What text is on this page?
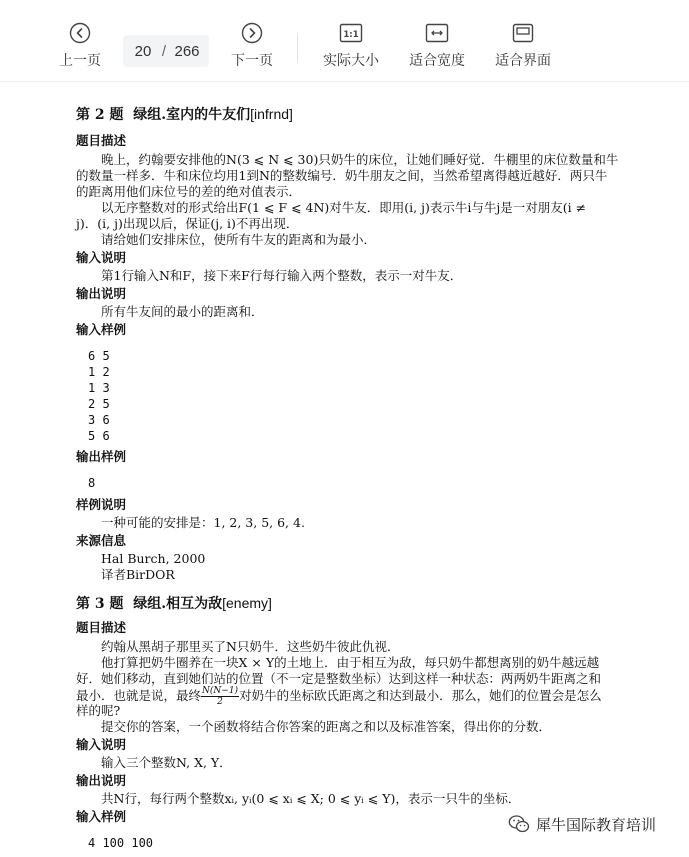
上一页
20 / 266
下一页
1:1
实际大小	适合宽度	适合界面
第 2 题 绿组.室内的牛友们[infrnd]
题目描述
晚上，约翰要安排他的N(3 ⩽ N ⩽ 30)只奶牛的床位，让她们睡好觉．牛棚里的床位数量和牛
的数量一样多．牛和床位均用1到N的整数编号．奶牛朋友之间，当然希望离得越近越好．两只牛
的距离用他们床位号的差的绝对值表示．
以无序整数对的形式给出F(1 ⩽ F ⩽ 4N)对牛友．即用(i, j)表示牛i与牛j是一对朋友(i ≠
j)．(i, j)出现以后，保证(j, i)不再出现．
请给她们安排床位，使所有牛友的距离和为最小．
输入说明
第1行输入N和F，接下来F行每行输入两个整数，表示一对牛友．
输出说明
所有牛友间的最小的距离和．
输入样例
6 5
1 2
1 3
2 5
3 6
5 6
输出样例
8
样例说明
一种可能的安排是：1, 2, 3, 5, 6, 4.
来源信息
Hal Burch, 2000
译者BirDOR
第 3 题 绿组.相互为敌[enemy]
题目描述
约翰从黑胡子那里买了N只奶牛．这些奶牛彼此仇视．
他打算把奶牛圈养在一块X × Y的土地上．由于相互为敌，每只奶牛都想离别的奶牛越远越
好．她们移动，直到她们站的位置（不一定是整数坐标）达到这样一种状态：两两奶牛距离之和
最小．也就是说，最终 $\frac{N(N-1)}{2}$ 对奶牛的坐标欧氏距离之和达到最小．那么，她们的位置会是怎么
样的呢?
提交你的答案，一个函数将结合你答案的距离之和以及标准答案，得出你的分数．
输入说明
输入三个整数N, X, Y．
输出说明
共N行，每行两个整数xᵢ, yᵢ(0 ⩽ xᵢ ⩽ X; 0 ⩽ yᵢ ⩽ Y)，表示一只牛的坐标．
输入样例
4 100 100
犀牛国际教育培训
